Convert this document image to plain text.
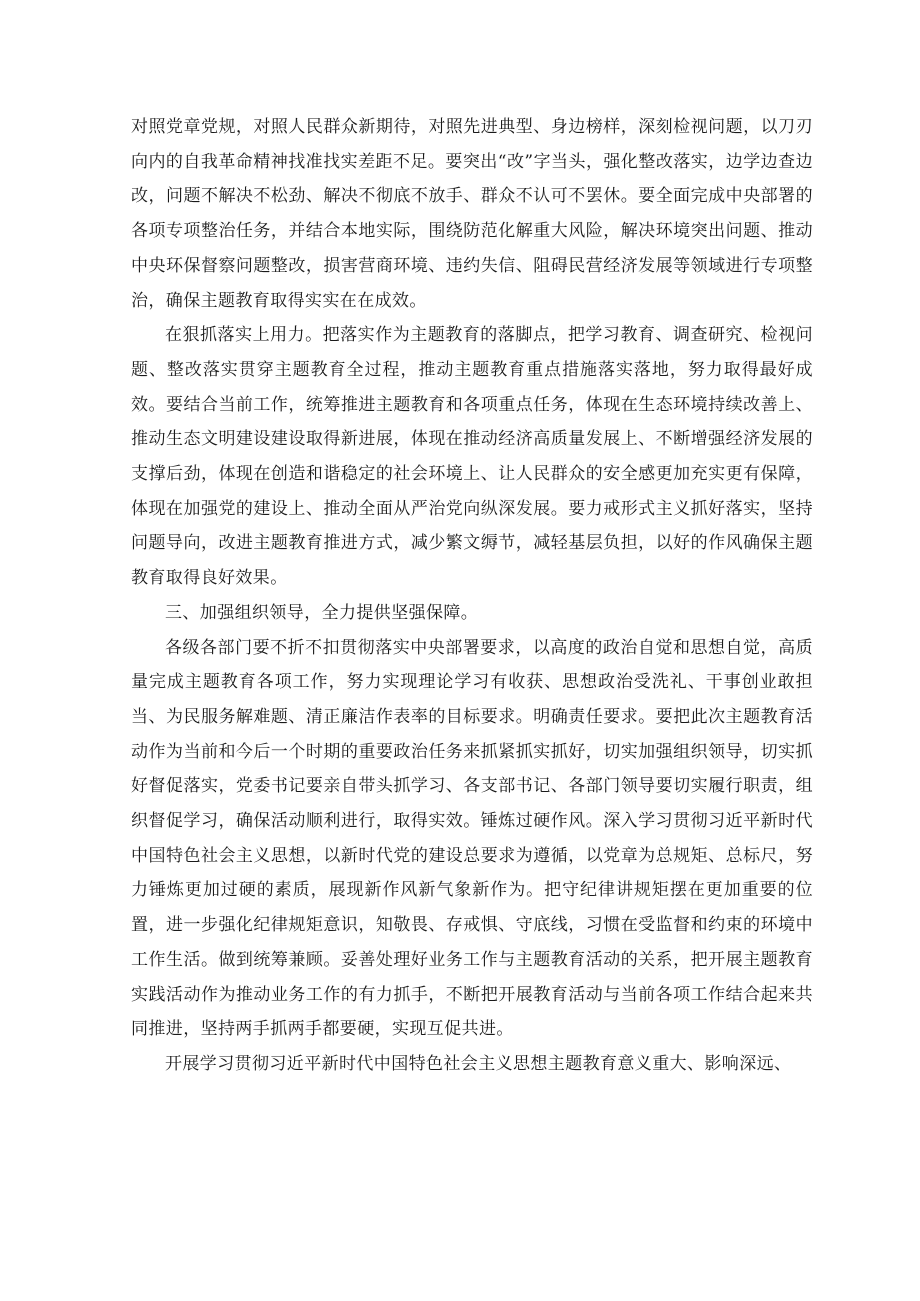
对照党章党规，对照人民群众新期待，对照先进典型、身边榜样，深刻检视问题，以刀刃向内的自我革命精神找准找实差距不足。要突出“改”字当头，强化整改落实，边学边查边改，问题不解决不松劲、解决不彻底不放手、群众不认可不罢休。要全面完成中央部署的各项专项整治任务，并结合本地实际，围绕防范化解重大风险，解决环境突出问题、推动中央环保督察问题整改，损害营商环境、违约失信、阻碍民营经济发展等领域进行专项整治，确保主题教育取得实实在在成效。

在狠抓落实上用力。把落实作为主题教育的落脚点，把学习教育、调查研究、检视问题、整改落实贯穿主题教育全过程，推动主题教育重点措施落实落地，努力取得最好成效。要结合当前工作，统筹推进主题教育和各项重点任务，体现在生态环境持续改善上、推动生态文明建设建设取得新进展，体现在推动经济高质量发展上、不断增强经济发展的支撑后劲，体现在创造和谐稳定的社会环境上、让人民群众的安全感更加充实更有保障，体现在加强党的建设上、推动全面从严治党向纵深发展。要力戒形式主义抓好落实，坚持问题导向，改进主题教育推进方式，减少繁文缛节，减轻基层负担，以好的作风确保主题教育取得良好效果。

三、加强组织领导，全力提供坚强保障。

各级各部门要不折不扣贯彻落实中央部署要求，以高度的政治自觉和思想自觉，高质量完成主题教育各项工作，努力实现理论学习有收获、思想政治受洗礼、干事创业敢担当、为民服务解难题、清正廉洁作表率的目标要求。明确责任要求。要把此次主题教育活动作为当前和今后一个时期的重要政治任务来抓紧抓实抓好，切实加强组织领导，切实抓好督促落实，党委书记要亲自带头抓学习、各支部书记、各部门领导要切实履行职责，组织督促学习，确保活动顺利进行，取得实效。锤炼过硬作风。深入学习贯彻习近平新时代中国特色社会主义思想，以新时代党的建设总要求为遵循，以党章为总规矩、总标尺，努力锤炼更加过硬的素质，展现新作风新气象新作为。把守纪律讲规矩摆在更加重要的位置，进一步强化纪律规矩意识，知敬畏、存戒惧、守底线，习惯在受监督和约束的环境中工作生活。做到统筹兼顾。妥善处理好业务工作与主题教育活动的关系，把开展主题教育实践活动作为推动业务工作的有力抓手，不断把开展教育活动与当前各项工作结合起来共同推进，坚持两手抓两手都要硬，实现互促共进。

开展学习贯彻习近平新时代中国特色社会主义思想主题教育意义重大、影响深远、
